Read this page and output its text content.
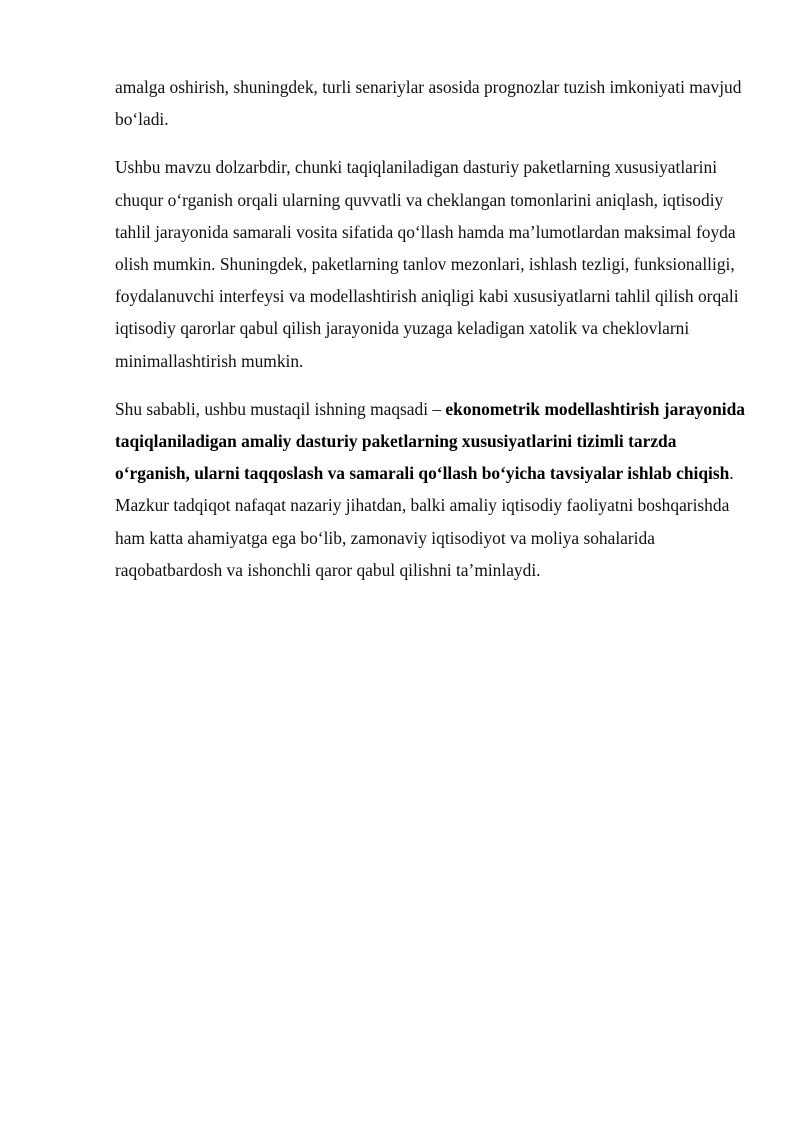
amalga oshirish, shuningdek, turli senariylar asosida prognozlar tuzish imkoniyati mavjud bo‘ladi.

Ushbu mavzu dolzarbdir, chunki taqiqlaniladigan dasturiy paketlarning xususiyatlarini chuqur o‘rganish orqali ularning quvvatli va cheklangan tomonlarini aniqlash, iqtisodiy tahlil jarayonida samarali vosita sifatida qo‘llash hamda ma’lumotlardan maksimal foyda olish mumkin. Shuningdek, paketlarning tanlov mezonlari, ishlash tezligi, funksionalligi, foydalanuvchi interfeysi va modellashtirish aniqligi kabi xususiyatlarni tahlil qilish orqali iqtisodiy qarorlar qabul qilish jarayonida yuzaga keladigan xatolik va cheklovlarni minimallashtirish mumkin.

Shu sababli, ushbu mustaqil ishning maqsadi – ekonometrik modellashtirish jarayonida taqiqlaniladigan amaliy dasturiy paketlarning xususiyatlarini tizimli tarzda o‘rganish, ularni taqqoslash va samarali qo‘llash bo‘yicha tavsiyalar ishlab chiqish. Mazkur tadqiqot nafaqat nazariy jihatdan, balki amaliy iqtisodiy faoliyatni boshqarishda ham katta ahamiyatga ega bo‘lib, zamonaviy iqtisodiyot va moliya sohalarida raqobatbardosh va ishonchli qaror qabul qilishni ta’minlaydi.
